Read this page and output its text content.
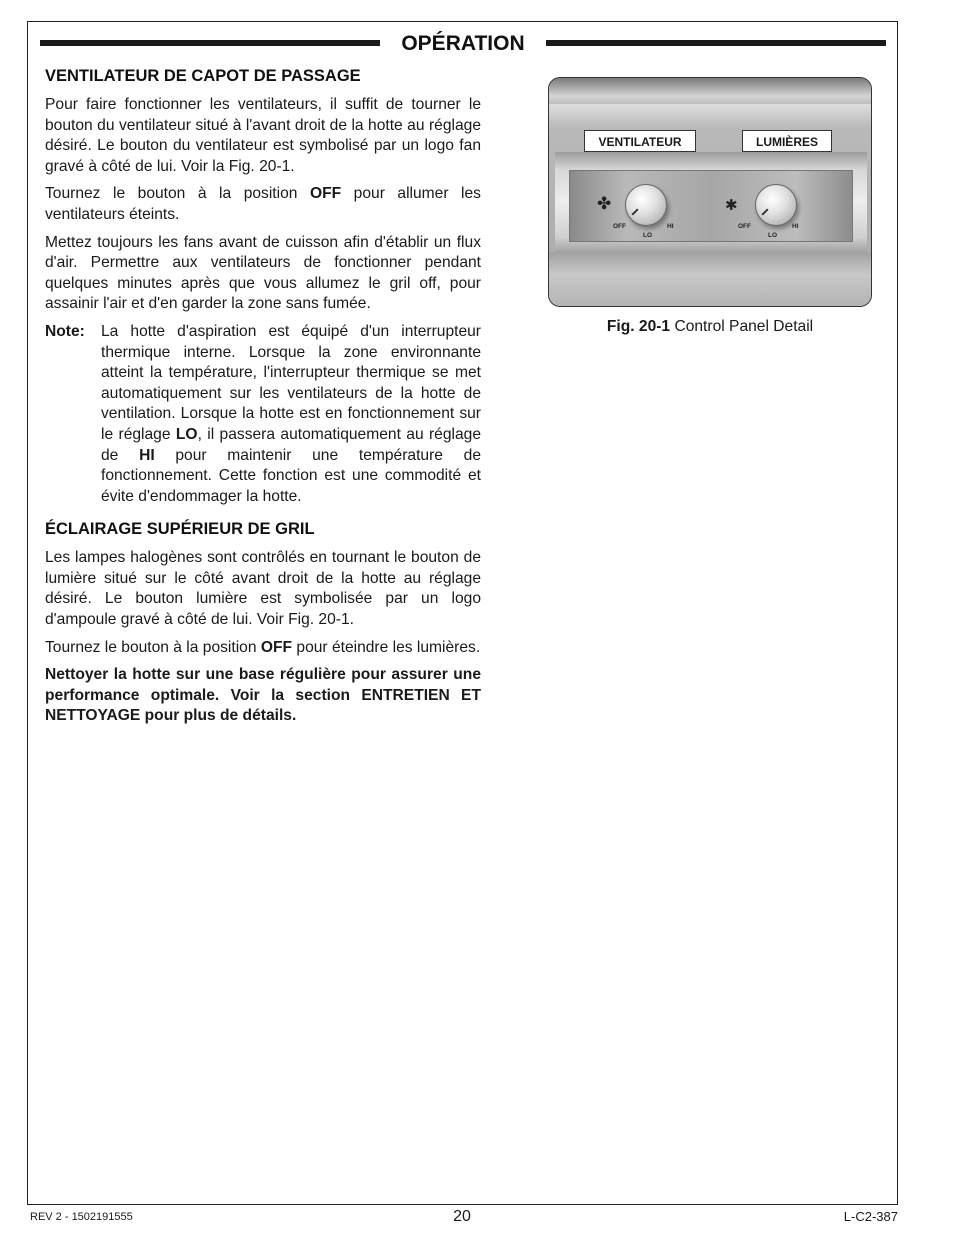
OPÉRATION
VENTILATEUR DE CAPOT DE PASSAGE

Pour faire fonctionner les ventilateurs, il suffit de tourner le bouton du ventilateur situé à l'avant droit de la hotte au réglage désiré. Le bouton du ventilateur est symbolisé par un logo fan gravé à côté de lui. Voir la Fig. 20-1.

Tournez le bouton à la position OFF pour allumer les ventilateurs éteints.

Mettez toujours les fans avant de cuisson afin d'établir un flux d'air. Permettre aux ventilateurs de fonctionner pendant quelques minutes après que vous allumez le gril off, pour assainir l'air et d'en garder la zone sans fumée.

Note:	La hotte d'aspiration est équipé d'un interrupteur thermique interne. Lorsque la zone environnante atteint la température, l'interrupteur thermique se met automatiquement sur les ventilateurs de la hotte de ventilation. Lorsque la hotte est en fonctionnement sur le réglage LO, il passera automatiquement au réglage de HI pour maintenir une température de fonctionnement. Cette fonction est une commodité et évite d'endommager la hotte.
ÉCLAIRAGE SUPÉRIEUR DE GRIL

Les lampes halogènes sont contrôlés en tournant le bouton de lumière situé sur le côté avant droit de la hotte au réglage désiré. Le bouton lumière est symbolisée par un logo d'ampoule gravé à côté de lui. Voir Fig. 20-1.

Tournez le bouton à la position OFF pour éteindre les lumières.

Nettoyer la hotte sur une base régulière pour assurer une performance optimale. Voir la section ENTRETIEN ET NETTOYAGE pour plus de détails.

VENTILATEUR	LUMIÈRES
✤
OFF
LO
HI
✱
OFF
LO
HI
Fig. 20-1 Control Panel Detail
REV 2 - 1502191555	20	L-C2-387
